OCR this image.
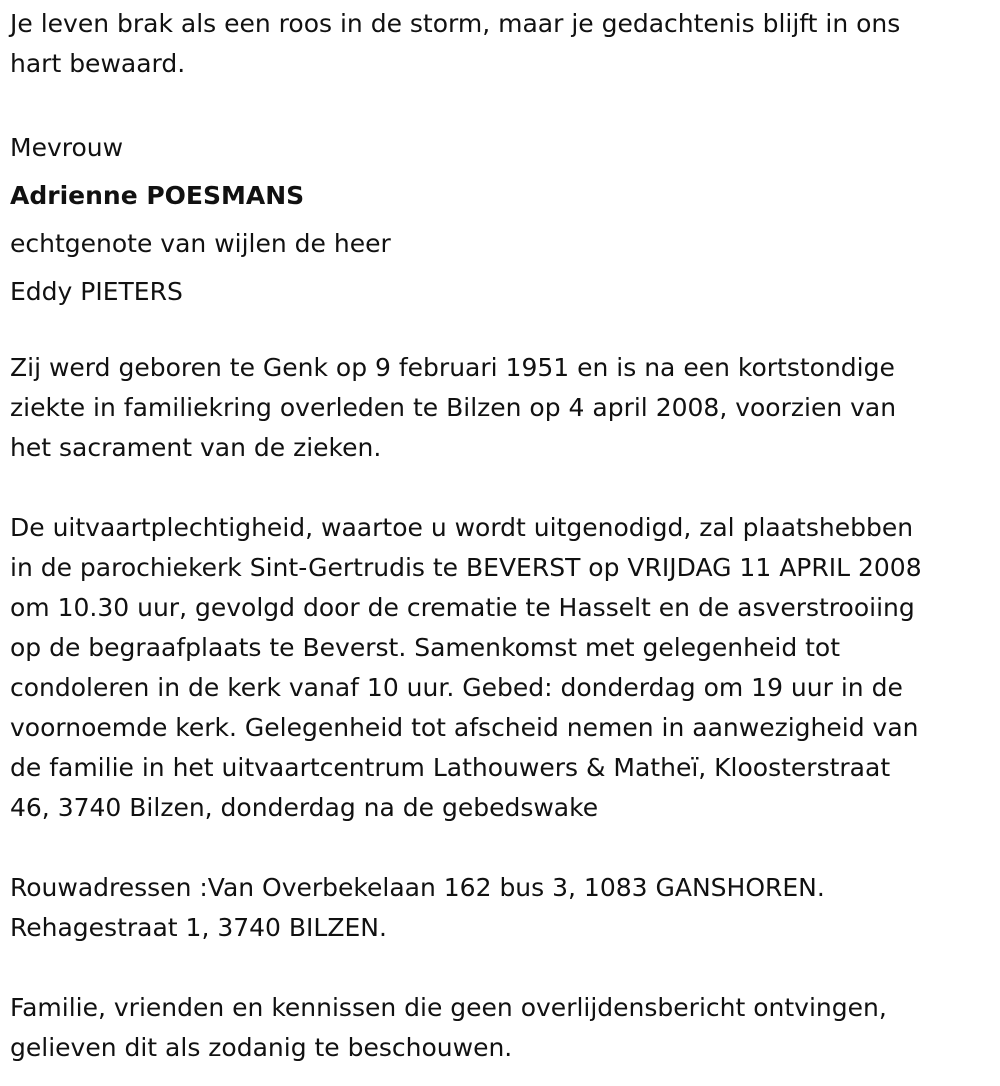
Je leven brak als een roos in de storm, maar je gedachtenis blijft in ons
hart bewaard.

Mevrouw

Adrienne POESMANS

echtgenote van wijlen de heer

Eddy PIETERS

Zij werd geboren te Genk op 9 februari 1951 en is na een kortstondige
ziekte in familiekring overleden te Bilzen op 4 april 2008, voorzien van
het sacrament van de zieken.

De uitvaartplechtigheid, waartoe u wordt uitgenodigd, zal plaatshebben
in de parochiekerk Sint-Gertrudis te BEVERST op VRIJDAG 11 APRIL 2008
om 10.30 uur, gevolgd door de crematie te Hasselt en de asverstrooiing
op de begraafplaats te Beverst. Samenkomst met gelegenheid tot
condoleren in de kerk vanaf 10 uur. Gebed: donderdag om 19 uur in de
voornoemde kerk. Gelegenheid tot afscheid nemen in aanwezigheid van
de familie in het uitvaartcentrum Lathouwers & Matheï, Kloosterstraat
46, 3740 Bilzen, donderdag na de gebedswake

Rouwadressen :Van Overbekelaan 162 bus 3, 1083 GANSHOREN.
Rehagestraat 1, 3740 BILZEN.

Familie, vrienden en kennissen die geen overlijdensbericht ontvingen,
gelieven dit als zodanig te beschouwen.
